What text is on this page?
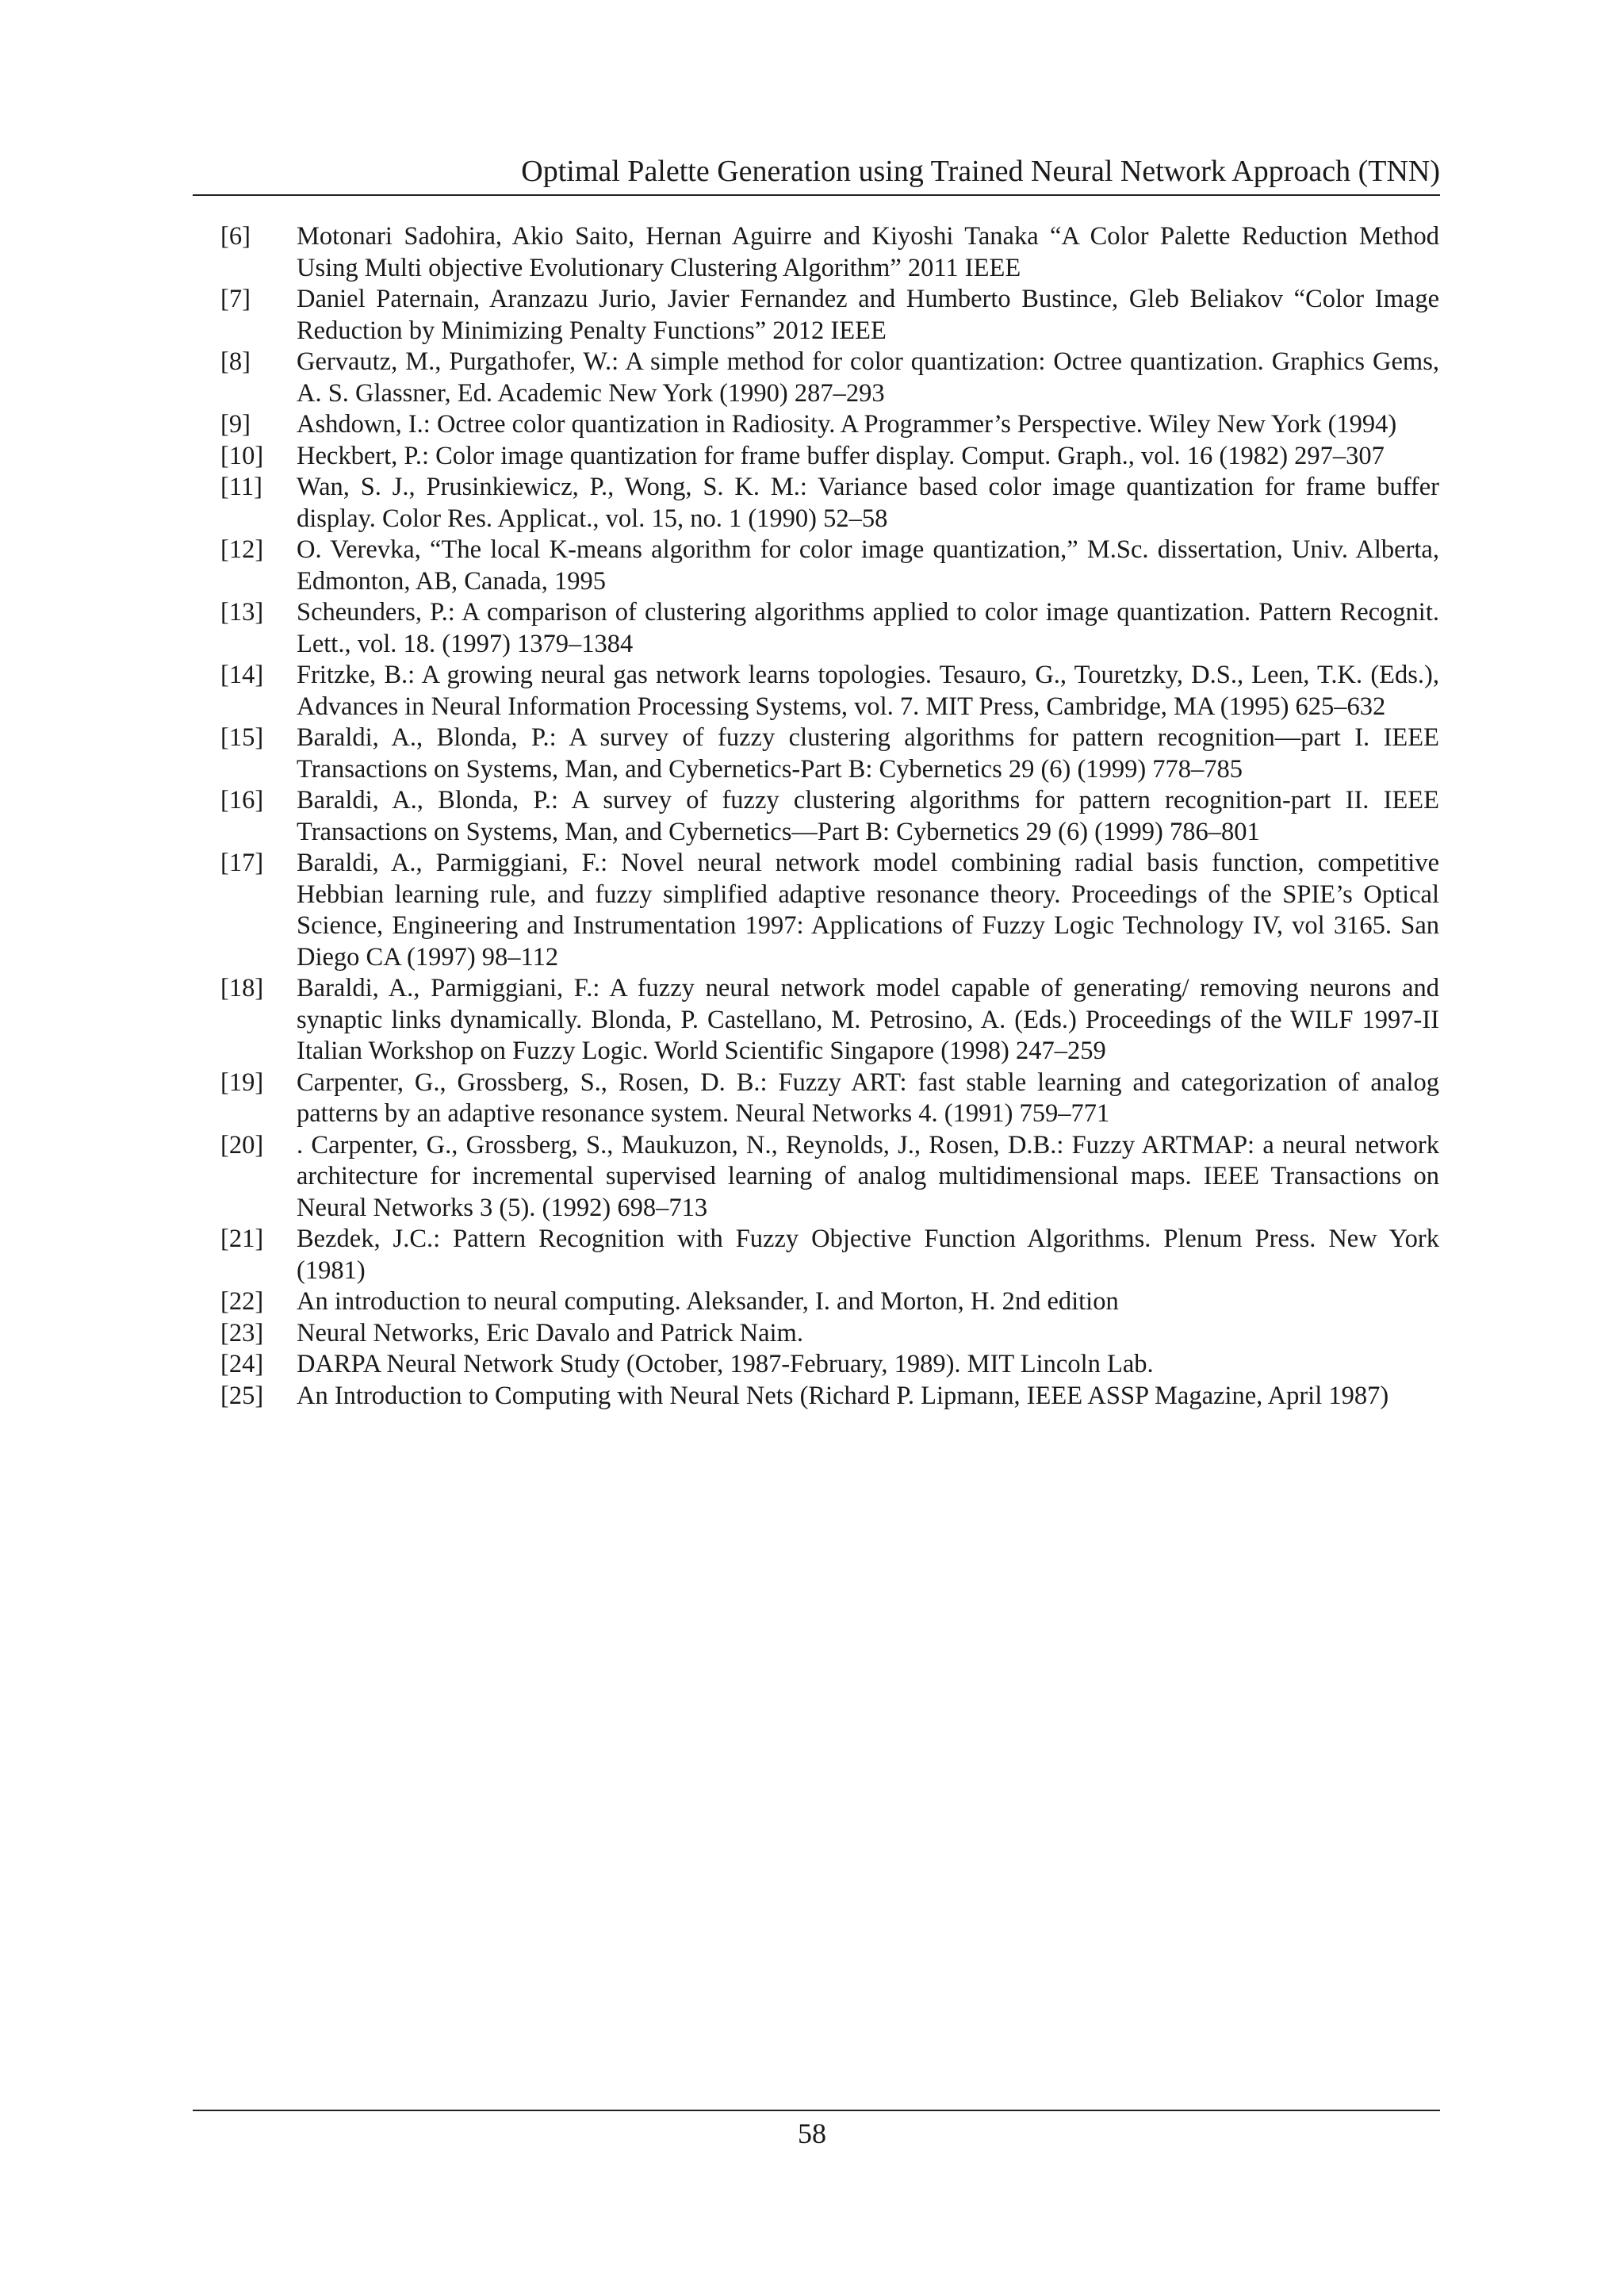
Optimal Palette Generation using Trained Neural Network Approach (TNN)
[6]	Motonari Sadohira, Akio Saito, Hernan Aguirre and Kiyoshi Tanaka “A Color Palette Reduction Method Using Multi objective Evolutionary Clustering Algorithm” 2011 IEEE
[7]	Daniel Paternain, Aranzazu Jurio, Javier Fernandez and Humberto Bustince, Gleb Beliakov “Color Image Reduction by Minimizing Penalty Functions” 2012 IEEE
[8]	Gervautz, M., Purgathofer, W.: A simple method for color quantization: Octree quantization. Graphics Gems, A. S. Glassner, Ed. Academic New York (1990) 287–293
[9]	Ashdown, I.: Octree color quantization in Radiosity. A Programmer’s Perspective. Wiley New York (1994)
[10]	Heckbert, P.: Color image quantization for frame buffer display. Comput. Graph., vol. 16 (1982) 297–307
[11]	Wan, S. J., Prusinkiewicz, P., Wong, S. K. M.: Variance based color image quantization for frame buffer display. Color Res. Applicat., vol. 15, no. 1 (1990) 52–58
[12]	O. Verevka, “The local K-means algorithm for color image quantization,” M.Sc. dissertation, Univ. Alberta, Edmonton, AB, Canada, 1995
[13]	Scheunders, P.: A comparison of clustering algorithms applied to color image quantization. Pattern Recognit. Lett., vol. 18. (1997) 1379–1384
[14]	Fritzke, B.: A growing neural gas network learns topologies. Tesauro, G., Touretzky, D.S., Leen, T.K. (Eds.), Advances in Neural Information Processing Systems, vol. 7. MIT Press, Cambridge, MA (1995) 625–632
[15]	Baraldi, A., Blonda, P.: A survey of fuzzy clustering algorithms for pattern recognition—part I. IEEE Transactions on Systems, Man, and Cybernetics-Part B: Cybernetics 29 (6) (1999) 778–785
[16]	Baraldi, A., Blonda, P.: A survey of fuzzy clustering algorithms for pattern recognition-part II. IEEE Transactions on Systems, Man, and Cybernetics—Part B: Cybernetics 29 (6) (1999) 786–801
[17]	Baraldi, A., Parmiggiani, F.: Novel neural network model combining radial basis function, competitive Hebbian learning rule, and fuzzy simplified adaptive resonance theory. Proceedings of the SPIE’s Optical Science, Engineering and Instrumentation 1997: Applications of Fuzzy Logic Technology IV, vol 3165. San Diego CA (1997) 98–112
[18]	Baraldi, A., Parmiggiani, F.: A fuzzy neural network model capable of generating/ removing neurons and synaptic links dynamically. Blonda, P. Castellano, M. Petrosino, A. (Eds.) Proceedings of the WILF 1997-II Italian Workshop on Fuzzy Logic. World Scientific Singapore (1998) 247–259
[19]	Carpenter, G., Grossberg, S., Rosen, D. B.: Fuzzy ART: fast stable learning and categorization of analog patterns by an adaptive resonance system. Neural Networks 4. (1991) 759–771
[20]	. Carpenter, G., Grossberg, S., Maukuzon, N., Reynolds, J., Rosen, D.B.: Fuzzy ARTMAP: a neural network architecture for incremental supervised learning of analog multidimensional maps. IEEE Transactions on Neural Networks 3 (5). (1992) 698–713
[21]	Bezdek, J.C.: Pattern Recognition with Fuzzy Objective Function Algorithms. Plenum Press. New York (1981)
[22]	An introduction to neural computing. Aleksander, I. and Morton, H. 2nd edition
[23]	Neural Networks, Eric Davalo and Patrick Naim.
[24]	DARPA Neural Network Study (October, 1987-February, 1989). MIT Lincoln Lab.
[25]	An Introduction to Computing with Neural Nets (Richard P. Lipmann, IEEE ASSP Magazine, April 1987)
58
